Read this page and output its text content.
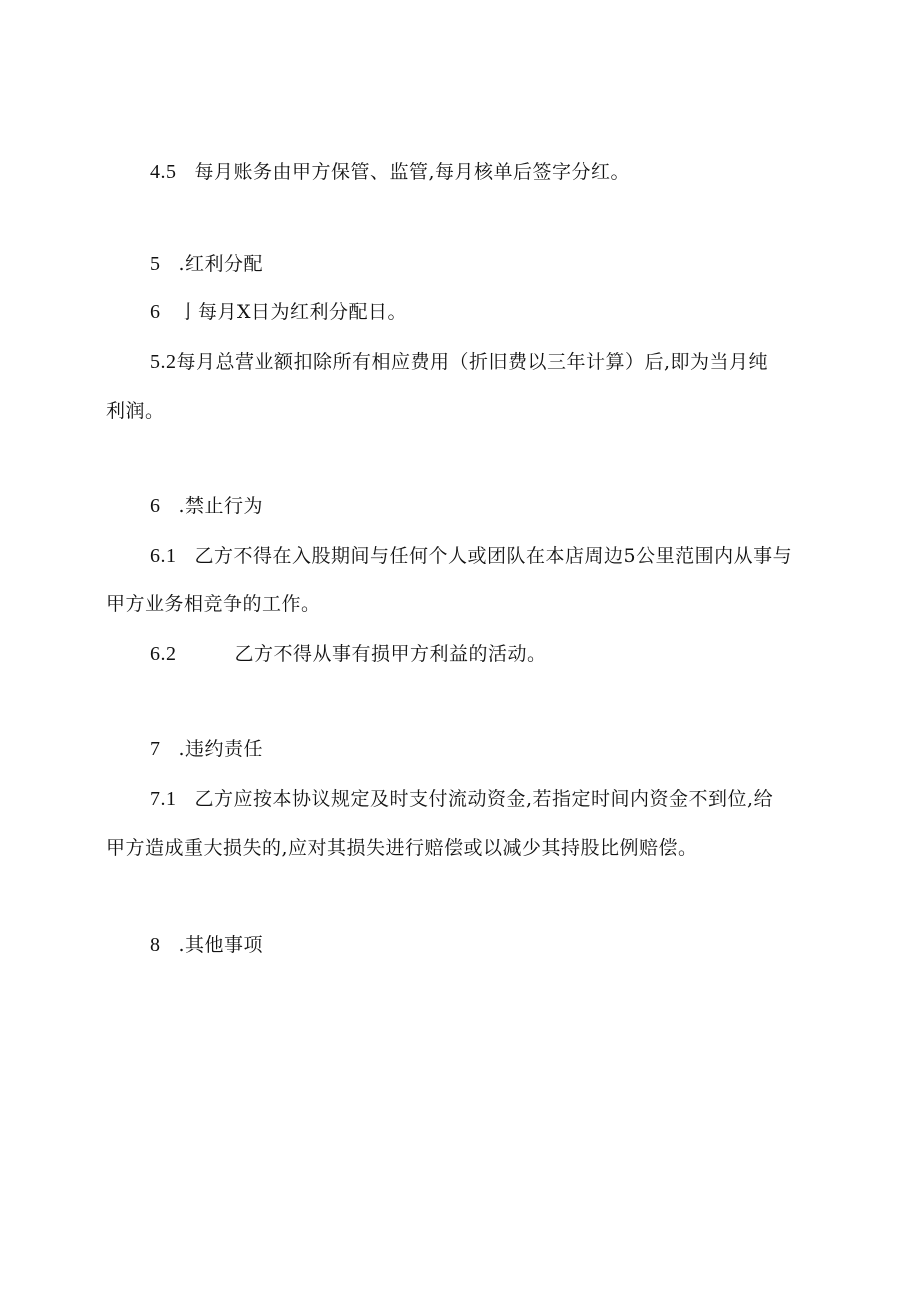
4.5 每月账务由甲方保管、监管,每月核单后签字分红。
5 .红利分配
6 亅每月X日为红利分配日。
5.2每月总营业额扣除所有相应费用（折旧费以三年计算）后,即为当月纯
利润。
6 .禁止行为
6.1 乙方不得在入股期间与任何个人或团队在本店周边5公里范围内从事与
甲方业务相竞争的工作。
6.2	乙方不得从事有损甲方利益的活动。
7 .违约责任
7.1 乙方应按本协议规定及时支付流动资金,若指定时间内资金不到位,给
甲方造成重大损失的,应对其损失进行赔偿或以减少其持股比例赔偿。
8 .其他事项
